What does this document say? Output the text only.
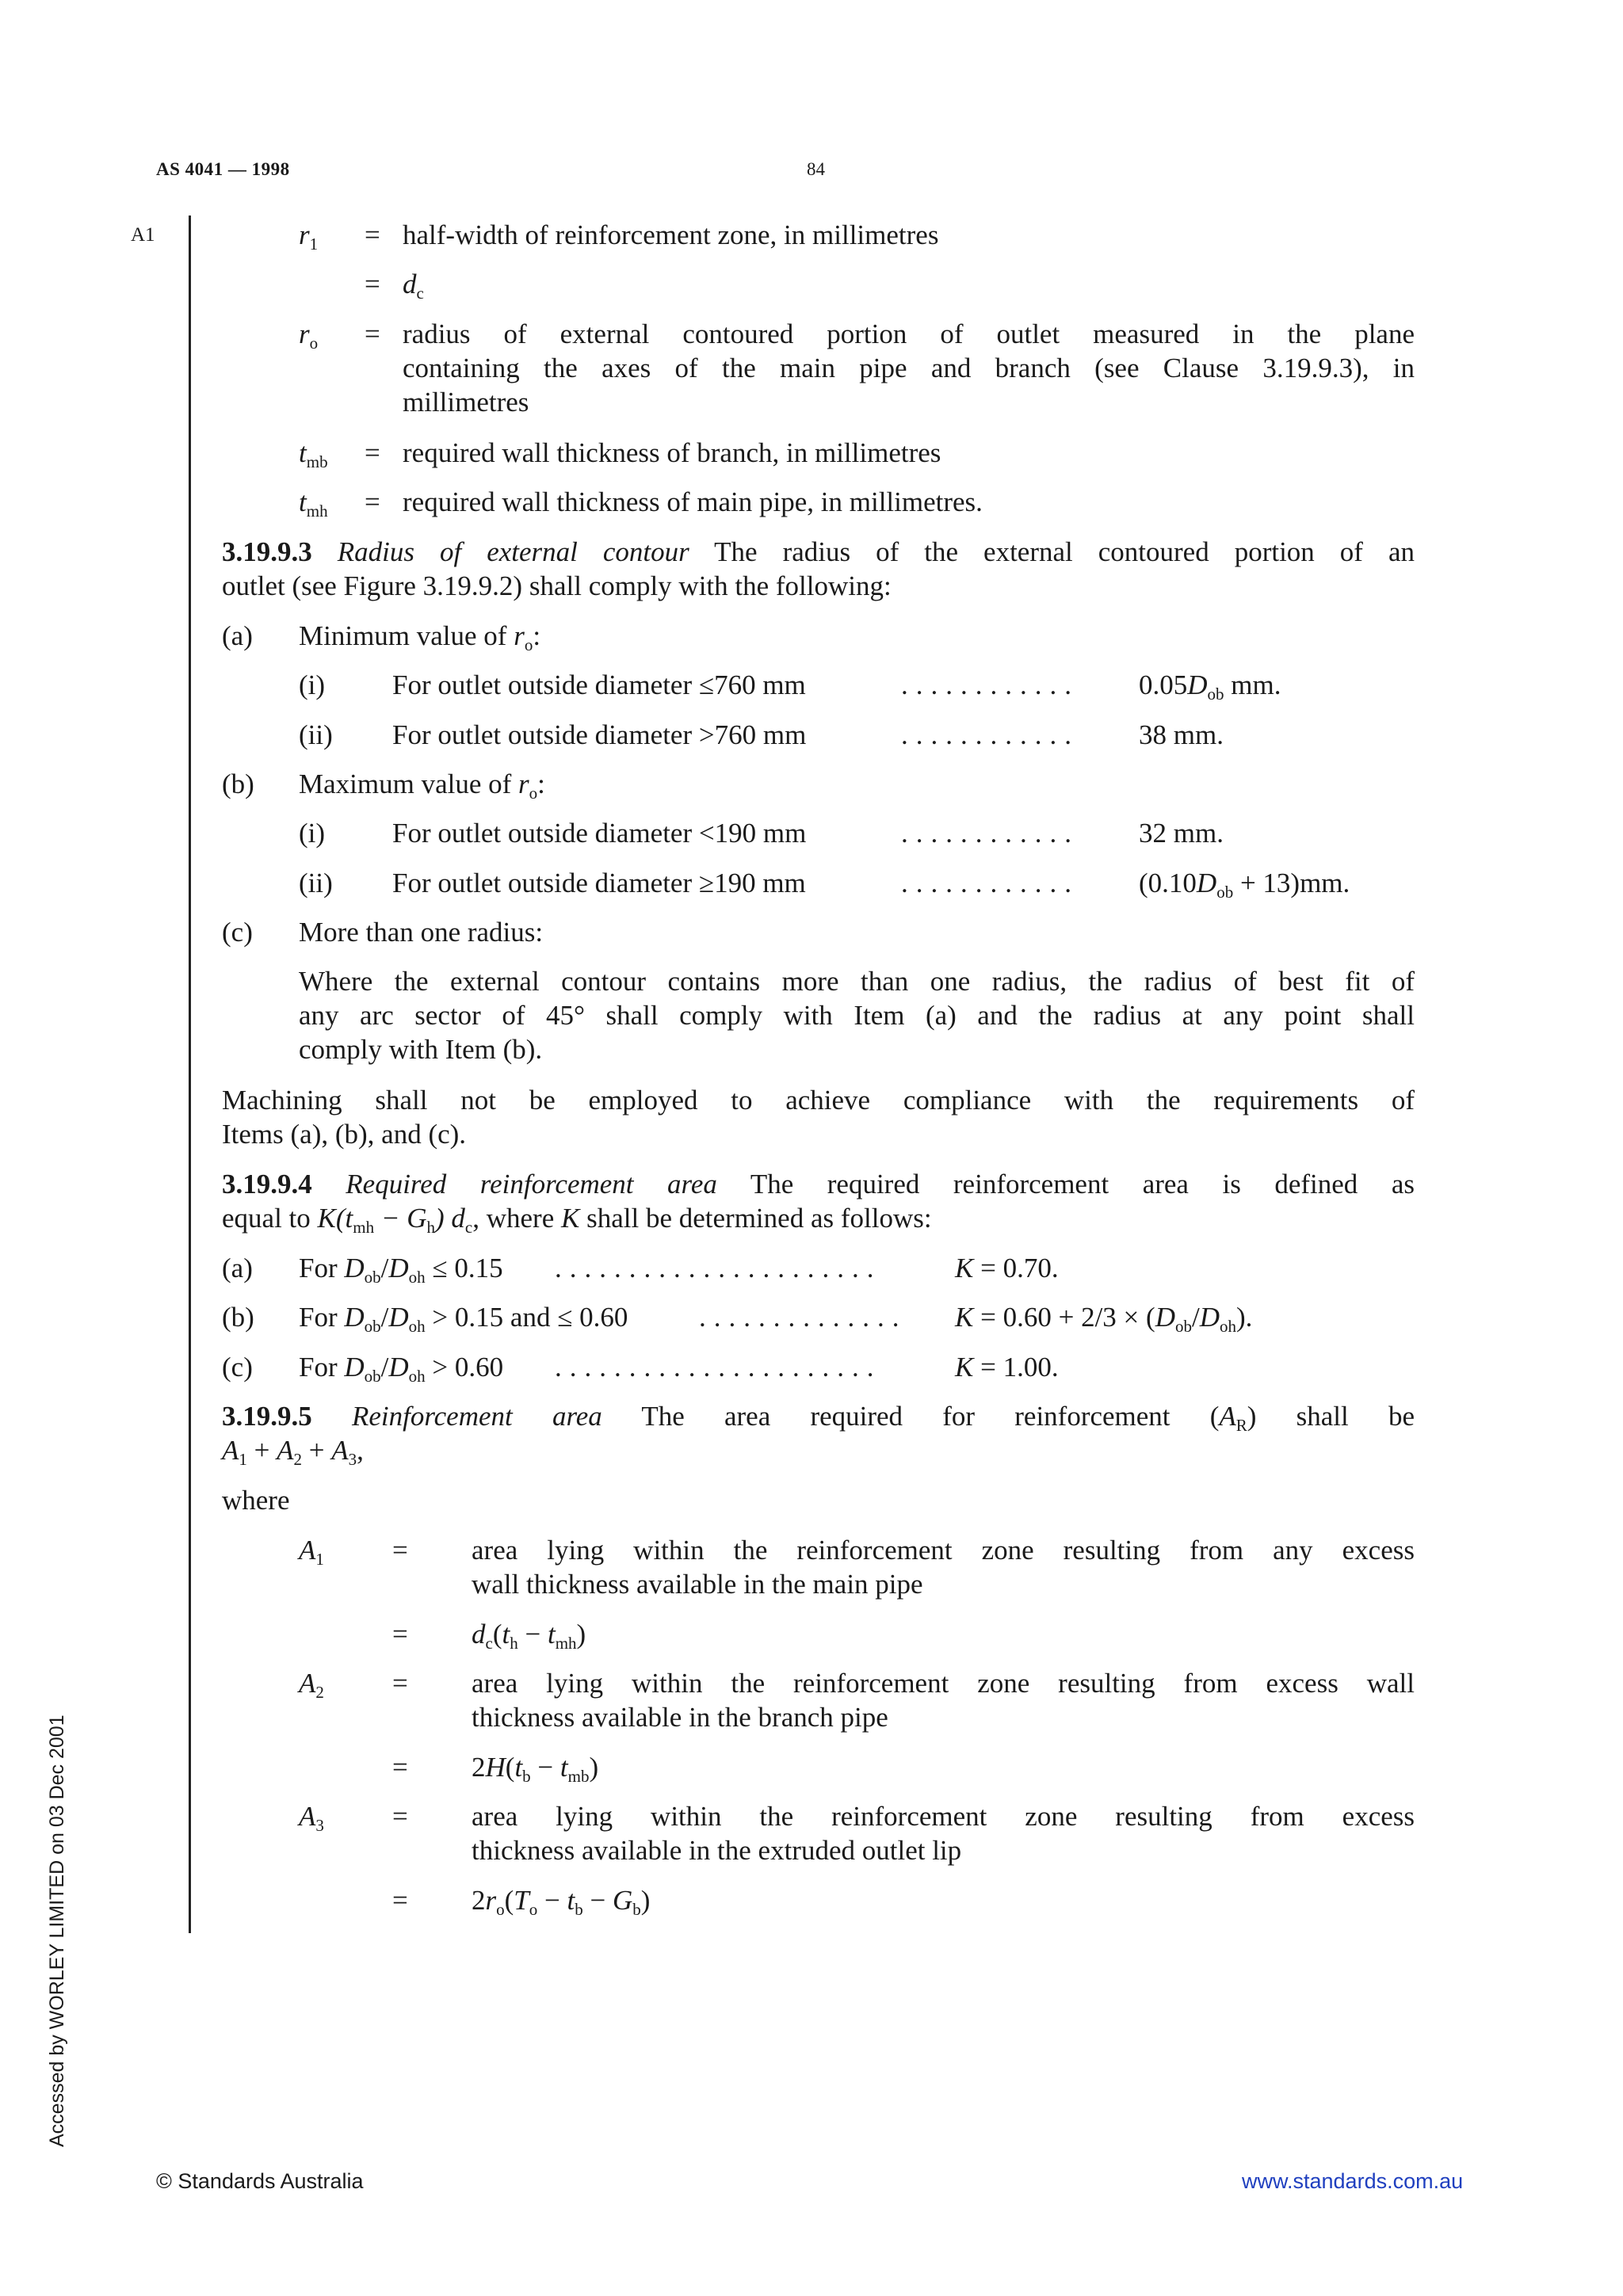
AS 4041 — 1998	84
A1	$r_1$ = half-width of reinforcement zone, in millimetres
= $d_c$
$r_o$ = radius of external contoured portion of outlet measured in the plane
containing the axes of the main pipe and branch (see Clause 3.19.9.3), in
millimetres
$t_{mb}$ = required wall thickness of branch, in millimetres
$t_{mh}$ = required wall thickness of main pipe, in millimetres.
3.19.9.3 Radius of external contour The radius of the external contoured portion of an
outlet (see Figure 3.19.9.2) shall comply with the following:
(a) Minimum value of $r_o$:
(i) For outlet outside diameter ≤760 mm	............ $0.05D_{ob}$ mm.
(ii) For outlet outside diameter >760 mm	............ 38 mm.
(b) Maximum value of $r_o$:
(i) For outlet outside diameter <190 mm	............ 32 mm.
(ii) For outlet outside diameter ≥190 mm	............ $(0.10D_{ob} + 13)mm$.
(c) More than one radius:
Where the external contour contains more than one radius, the radius of best fit of
any arc sector of 45° shall comply with Item (a) and the radius at any point shall
comply with Item (b).
Machining shall not be employed to achieve compliance with the requirements of
Items (a), (b), and (c).
3.19.9.4 Required reinforcement area The required reinforcement area is defined as
equal to $K(t_{mh} - G_h)$ $d_c$, where K shall be determined as follows:
(a) For $D_{ob}/D_{oh} \le 0.15$ ......................	K = 0.70.
(b) For $D_{ob}/D_{oh} > 0.15$ and ≤ 0.60	.............. $K = 0.60 + 2/3 \times (D_{ob}/D_{oh})$.
(c) For $D_{ob}/D_{oh} > 0.60$ ......................	K = 1.00.
3.19.9.5 Reinforcement area The area required for reinforcement $(A_R)$ shall be
$A_1 + A_2 + A_3$,
where
$A_1$ = area lying within the reinforcement zone resulting from any excess
wall thickness available in the main pipe
= $d_c(t_h - t_{mh})$
$A_2$ = area lying within the reinforcement zone resulting from excess wall
thickness available in the branch pipe
= $2H(t_b - t_{mb})$
$A_3$ = area lying within the reinforcement zone resulting from excess
thickness available in the extruded outlet lip
= $2r_o(T_o - t_b - G_b)$
Accessed by WORLEY LIMITED on 03 Dec 2001
© Standards Australia	www.standards.com.au
